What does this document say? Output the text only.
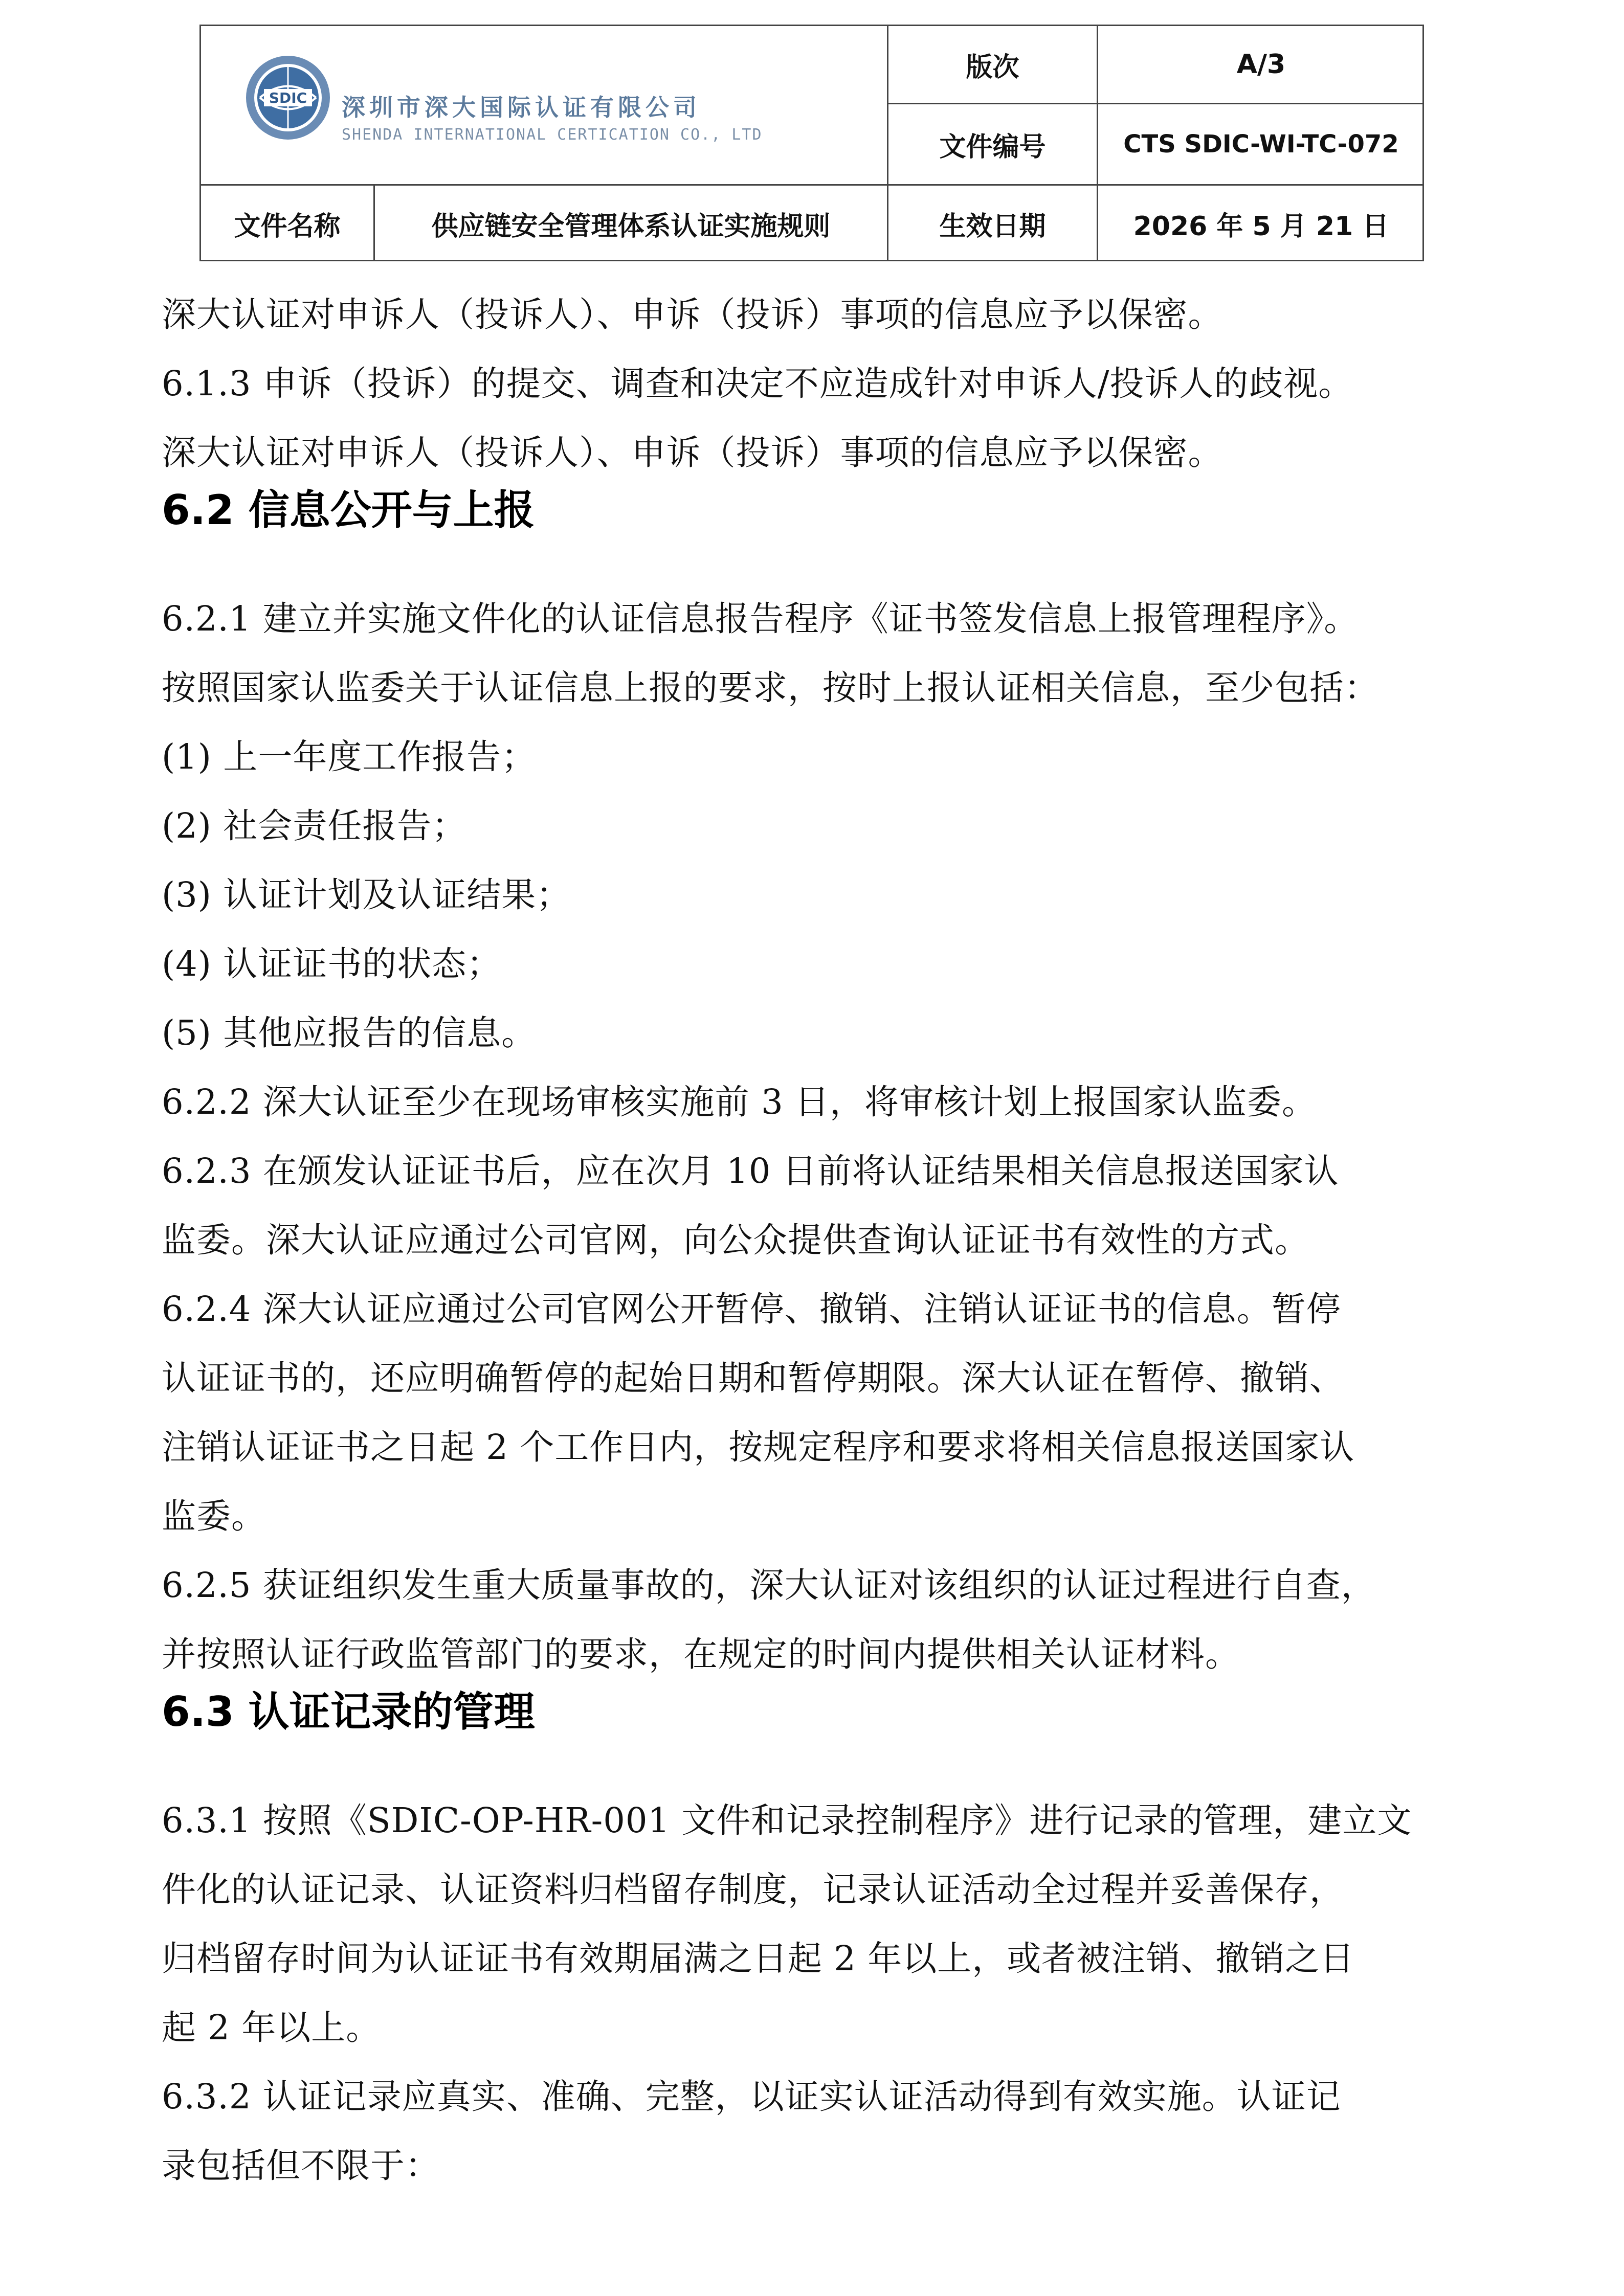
SDIC 深圳市深大国际认证有限公司
SHENDA INTERNATIONAL CERTICATION CO., LTD
版次	A/3
文件编号	CTS SDIC-WI-TC-072
文件名称	供应链安全管理体系认证实施规则	生效日期	2026 年 5 月 21 日

深大认证对申诉人（投诉人）、申诉（投诉）事项的信息应予以保密。

6.1.3 申诉（投诉）的提交、调查和决定不应造成针对申诉人/投诉人的歧视。

深大认证对申诉人（投诉人）、申诉（投诉）事项的信息应予以保密。

6.2 信息公开与上报

6.2.1 建立并实施文件化的认证信息报告程序《证书签发信息上报管理程序》。

按照国家认监委关于认证信息上报的要求，按时上报认证相关信息，至少包括：

(1) 上一年度工作报告；

(2) 社会责任报告；

(3) 认证计划及认证结果；

(4) 认证证书的状态；

(5) 其他应报告的信息。

6.2.2 深大认证至少在现场审核实施前 3 日，将审核计划上报国家认监委。

6.2.3 在颁发认证证书后，应在次月 10 日前将认证结果相关信息报送国家认

监委。深大认证应通过公司官网，向公众提供查询认证证书有效性的方式。

6.2.4 深大认证应通过公司官网公开暂停、撤销、注销认证证书的信息。暂停

认证证书的，还应明确暂停的起始日期和暂停期限。深大认证在暂停、撤销、

注销认证证书之日起 2 个工作日内，按规定程序和要求将相关信息报送国家认

监委。

6.2.5 获证组织发生重大质量事故的，深大认证对该组织的认证过程进行自查，

并按照认证行政监管部门的要求，在规定的时间内提供相关认证材料。

6.3 认证记录的管理

6.3.1 按照《SDIC-OP-HR-001 文件和记录控制程序》进行记录的管理，建立文

件化的认证记录、认证资料归档留存制度，记录认证活动全过程并妥善保存，

归档留存时间为认证证书有效期届满之日起 2 年以上，或者被注销、撤销之日

起 2 年以上。

6.3.2 认证记录应真实、准确、完整，以证实认证活动得到有效实施。认证记

录包括但不限于：
